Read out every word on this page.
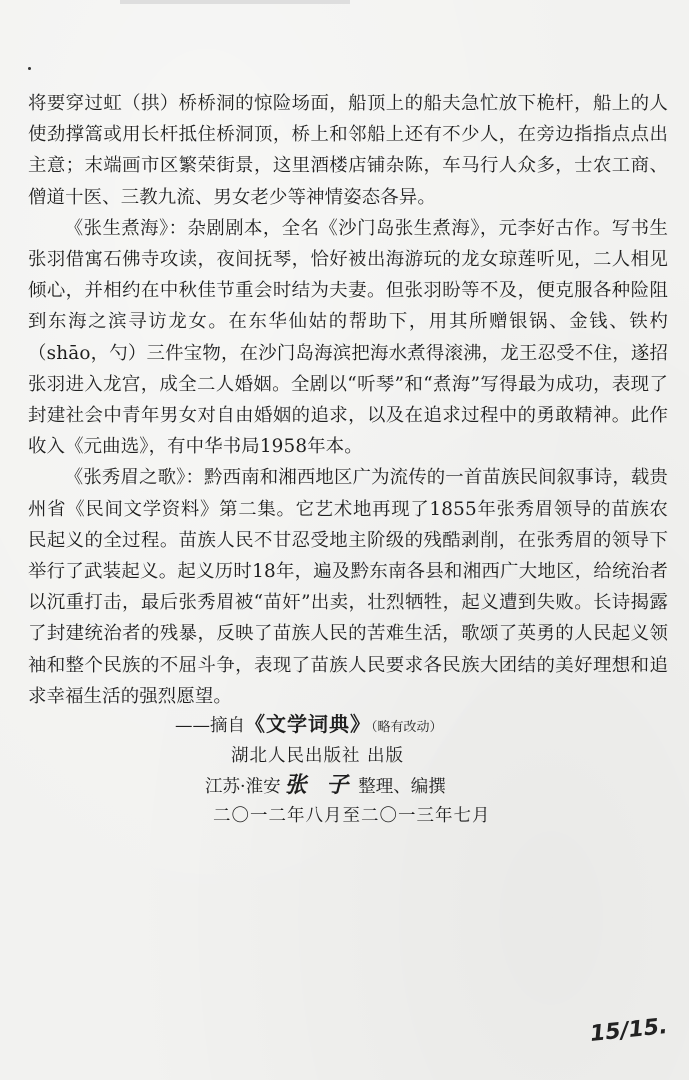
将要穿过虹（拱）桥桥洞的惊险场面，船顶上的船夫急忙放下桅杆，船上的人使劲撑篙或用长杆抵住桥洞顶，桥上和邻船上还有不少人，在旁边指指点点出主意；末端画市区繁荣街景，这里酒楼店铺杂陈，车马行人众多，士农工商、僧道十医、三教九流、男女老少等神情姿态各异。

《张生煮海》：杂剧剧本，全名《沙门岛张生煮海》，元李好古作。写书生张羽借寓石佛寺攻读，夜间抚琴，恰好被出海游玩的龙女琼莲听见，二人相见倾心，并相约在中秋佳节重会时结为夫妻。但张羽盼等不及，便克服各种险阻到东海之滨寻访龙女。在东华仙姑的帮助下，用其所赠银锅、金钱、铁杓（shāo，勺）三件宝物，在沙门岛海滨把海水煮得滚沸，龙王忍受不住，遂招张羽进入龙宫，成全二人婚姻。全剧以“听琴”和“煮海”写得最为成功，表现了封建社会中青年男女对自由婚姻的追求，以及在追求过程中的勇敢精神。此作收入《元曲选》，有中华书局1958年本。

《张秀眉之歌》：黔西南和湘西地区广为流传的一首苗族民间叙事诗，载贵州省《民间文学资料》第二集。它艺术地再现了1855年张秀眉领导的苗族农民起义的全过程。苗族人民不甘忍受地主阶级的残酷剥削，在张秀眉的领导下举行了武装起义。起义历时18年，遍及黔东南各县和湘西广大地区，给统治者以沉重打击，最后张秀眉被“苗奸”出卖，壮烈牺牲，起义遭到失败。长诗揭露了封建统治者的残暴，反映了苗族人民的苦难生活，歌颂了英勇的人民起义领袖和整个民族的不屈斗争，表现了苗族人民要求各民族大团结的美好理想和追求幸福生活的强烈愿望。

——摘自《文学词典》（略有改动）
湖北人民出版社 出版
江苏·淮安 张 子 整理、编撰
二〇一二年八月至二〇一三年七月
15/15.
